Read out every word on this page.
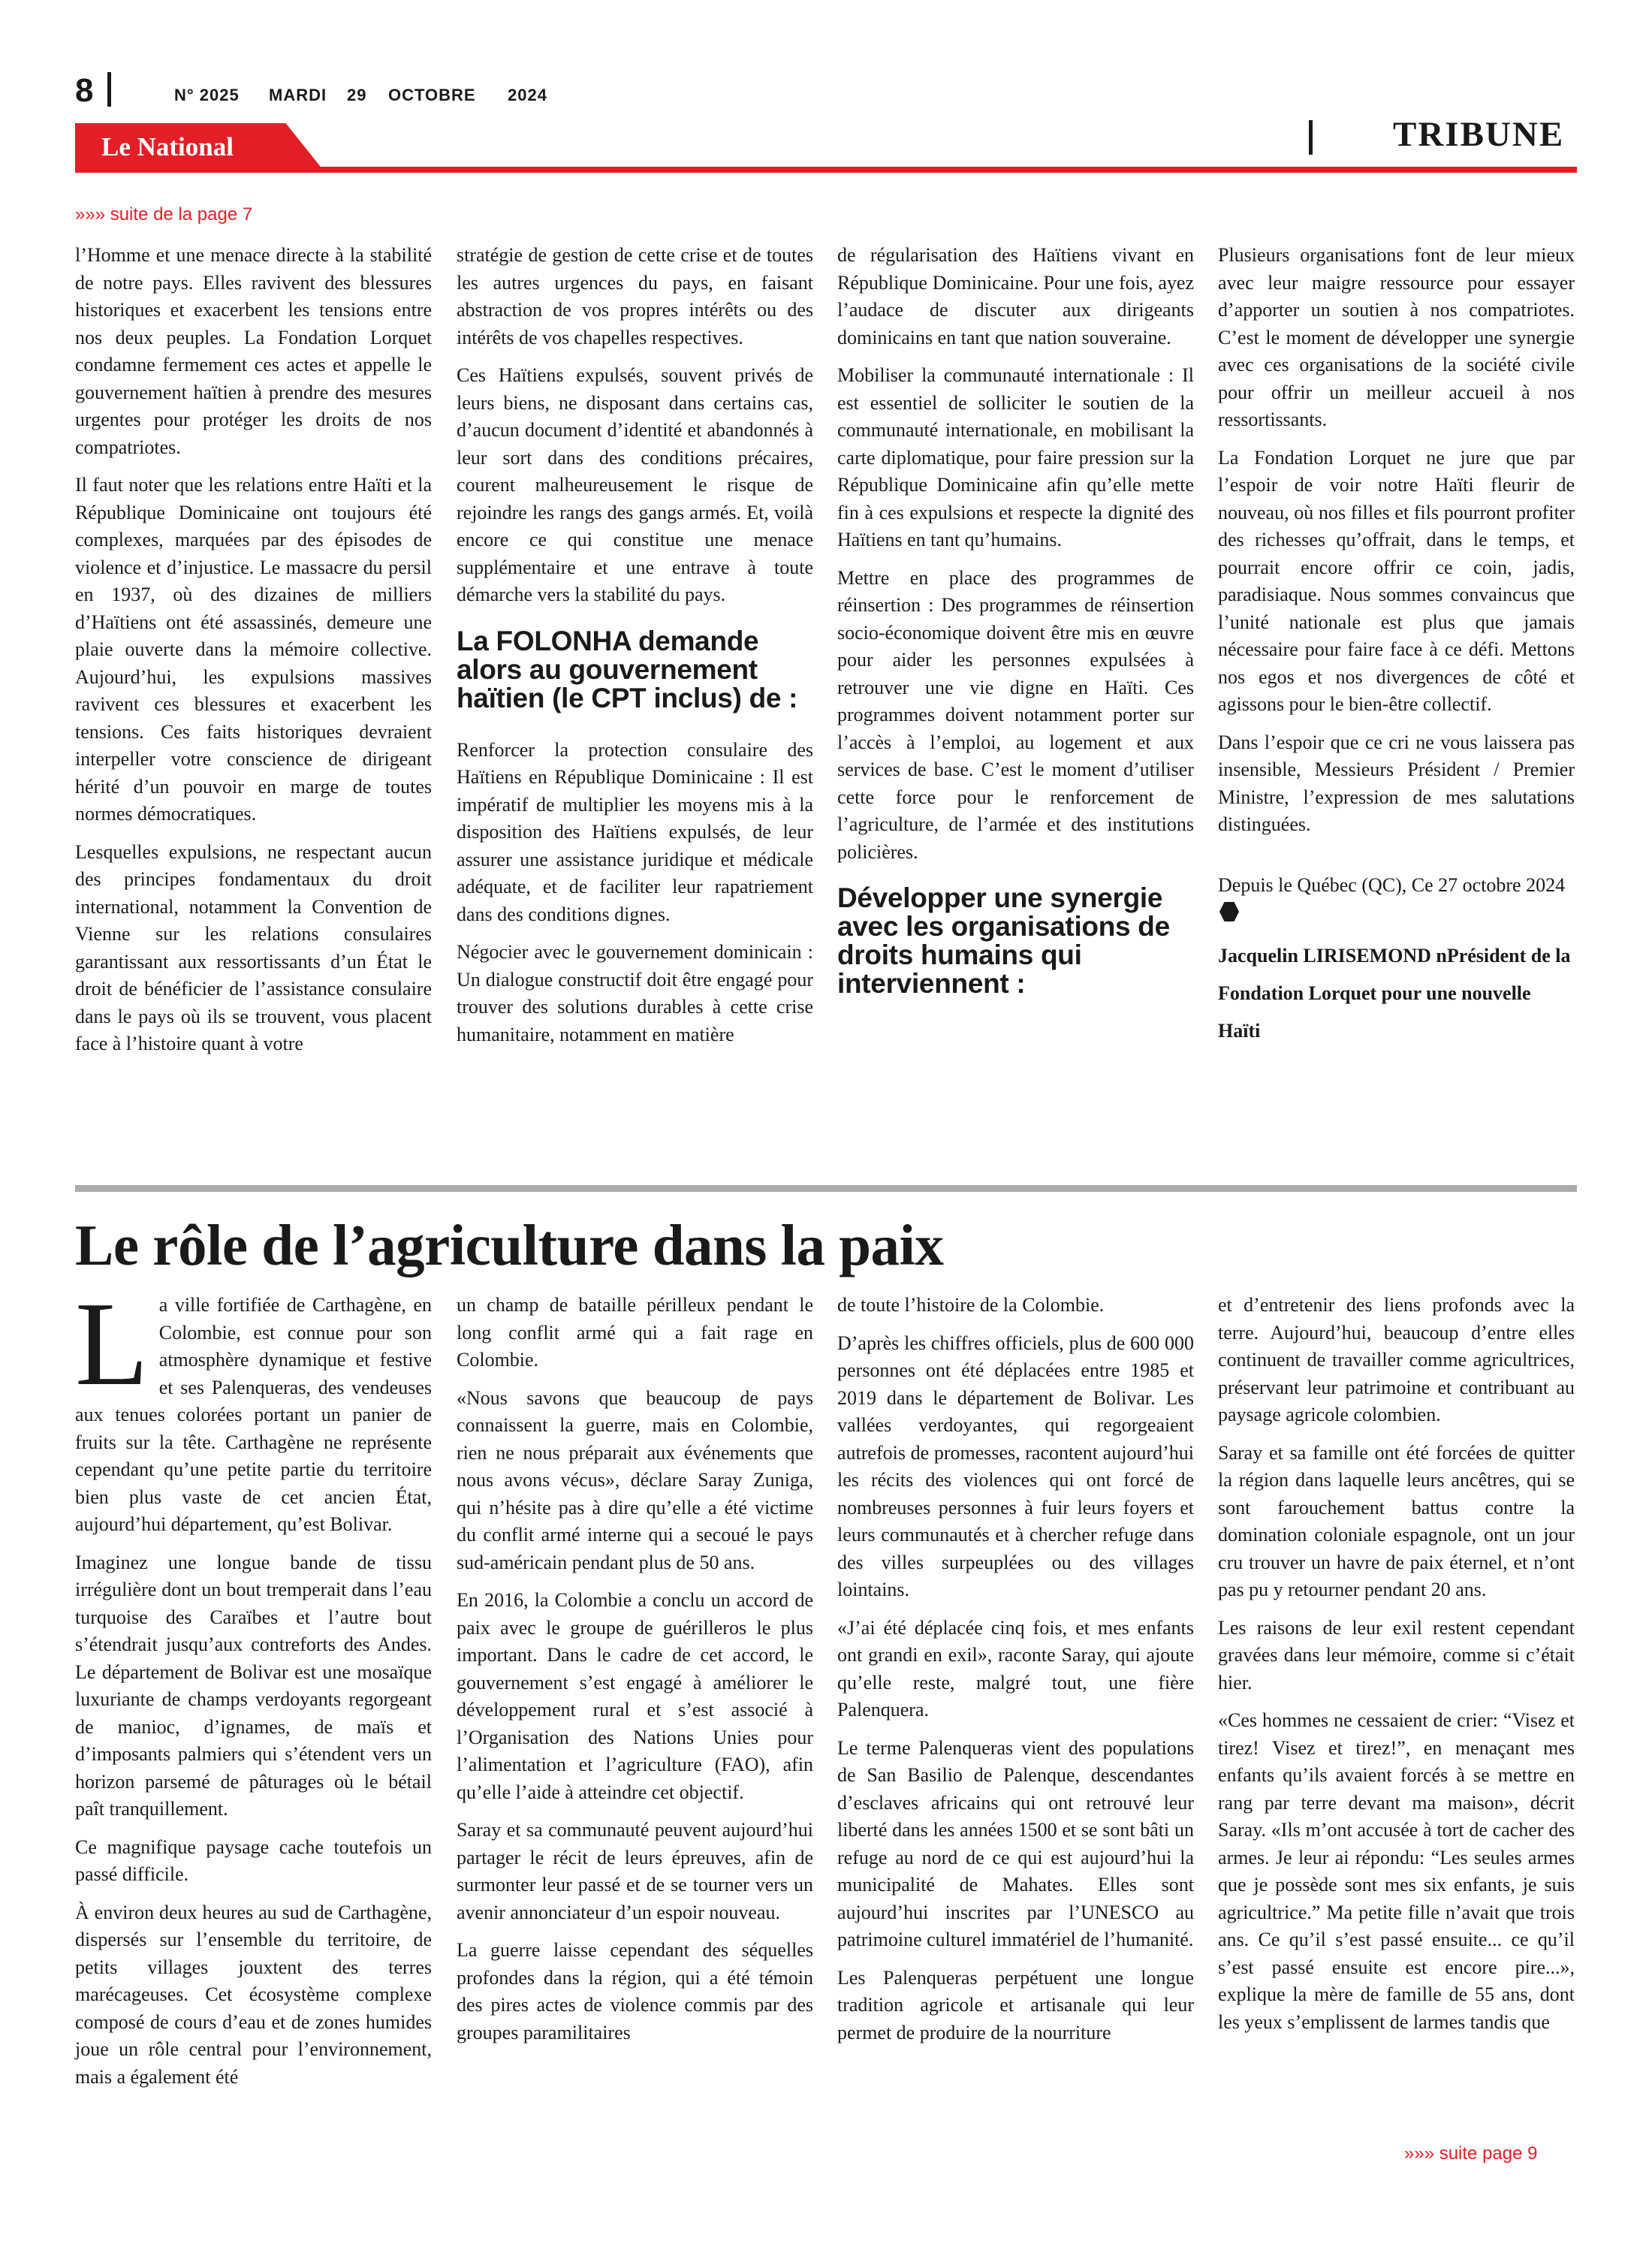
8	N° 2025 MARDI 29 OCTOBRE 2024
Le National	TRIBUNE
»»» suite de la page 7

l’Homme et une menace directe à la stabilité de notre pays. Elles ravivent des blessures historiques et exacerbent les tensions entre nos deux peuples. La Fondation Lorquet condamne fermement ces actes et appelle le gouvernement haïtien à prendre des mesures urgentes pour protéger les droits de nos compatriotes.

Il faut noter que les relations entre Haïti et la République Dominicaine ont toujours été complexes, marquées par des épisodes de violence et d’injustice. Le massacre du persil en 1937, où des dizaines de milliers d’Haïtiens ont été assassinés, demeure une plaie ouverte dans la mémoire collective. Aujourd’hui, les expulsions massives ravivent ces blessures et exacerbent les tensions. Ces faits historiques devraient interpeller votre conscience de dirigeant hérité d’un pouvoir en marge de toutes normes démocratiques.

Lesquelles expulsions, ne respectant aucun des principes fondamentaux du droit international, notamment la Convention de Vienne sur les relations consulaires garantissant aux ressortissants d’un État le droit de bénéficier de l’assistance consulaire dans le pays où ils se trouvent, vous placent face à l’histoire quant à votre

stratégie de gestion de cette crise et de toutes les autres urgences du pays, en faisant abstraction de vos propres intérêts ou des intérêts de vos chapelles respectives.

Ces Haïtiens expulsés, souvent privés de leurs biens, ne disposant dans certains cas, d’aucun document d’identité et abandonnés à leur sort dans des conditions précaires, courent malheureusement le risque de rejoindre les rangs des gangs armés. Et, voilà encore ce qui constitue une menace supplémentaire et une entrave à toute démarche vers la stabilité du pays.

La FOLONHA demande alors au gouvernement haïtien (le CPT inclus) de :

Renforcer la protection consulaire des Haïtiens en République Dominicaine : Il est impératif de multiplier les moyens mis à la disposition des Haïtiens expulsés, de leur assurer une assistance juridique et médicale adéquate, et de faciliter leur rapatriement dans des conditions dignes.

Négocier avec le gouvernement dominicain : Un dialogue constructif doit être engagé pour trouver des solutions durables à cette crise humanitaire, notamment en matière

de régularisation des Haïtiens vivant en République Dominicaine. Pour une fois, ayez l’audace de discuter aux dirigeants dominicains en tant que nation souveraine.

Mobiliser la communauté internationale : Il est essentiel de solliciter le soutien de la communauté internationale, en mobilisant la carte diplomatique, pour faire pression sur la République Dominicaine afin qu’elle mette fin à ces expulsions et respecte la dignité des Haïtiens en tant qu’humains.

Mettre en place des programmes de réinsertion : Des programmes de réinsertion socio-économique doivent être mis en œuvre pour aider les personnes expulsées à retrouver une vie digne en Haïti. Ces programmes doivent notamment porter sur l’accès à l’emploi, au logement et aux services de base. C’est le moment d’utiliser cette force pour le renforcement de l’agriculture, de l’armée et des institutions policières.

Développer une synergie avec les organisations de droits humains qui interviennent :

Plusieurs organisations font de leur mieux avec leur maigre ressource pour essayer d’apporter un soutien à nos compatriotes. C’est le moment de développer une synergie avec ces organisations de la société civile pour offrir un meilleur accueil à nos ressortissants.

La Fondation Lorquet ne jure que par l’espoir de voir notre Haïti fleurir de nouveau, où nos filles et fils pourront profiter des richesses qu’offrait, dans le temps, et pourrait encore offrir ce coin, jadis, paradisiaque. Nous sommes convaincus que l’unité nationale est plus que jamais nécessaire pour faire face à ce défi. Mettons nos egos et nos divergences de côté et agissons pour le bien-être collectif.

Dans l’espoir que ce cri ne vous laissera pas insensible, Messieurs Président / Premier Ministre, l’expression de mes salutations distinguées.

Depuis le Québec (QC), Ce 27 octobre 2024

Jacquelin LIRISEMOND nPrésident de la Fondation Lorquet pour une nouvelle Haïti

Le rôle de l’agriculture dans la paix

La ville fortifiée de Carthagène, en Colombie, est connue pour son atmosphère dynamique et festive et ses Palenqueras, des vendeuses aux tenues colorées portant un panier de fruits sur la tête. Carthagène ne représente cependant qu’une petite partie du territoire bien plus vaste de cet ancien État, aujourd’hui département, qu’est Bolivar.

Imaginez une longue bande de tissu irrégulière dont un bout tremperait dans l’eau turquoise des Caraïbes et l’autre bout s’étendrait jusqu’aux contreforts des Andes. Le département de Bolivar est une mosaïque luxuriante de champs verdoyants regorgeant de manioc, d’ignames, de maïs et d’imposants palmiers qui s’étendent vers un horizon parsemé de pâturages où le bétail paît tranquillement.

Ce magnifique paysage cache toutefois un passé difficile.

À environ deux heures au sud de Carthagène, dispersés sur l’ensemble du territoire, de petits villages jouxtent des terres marécageuses. Cet écosystème complexe composé de cours d’eau et de zones humides joue un rôle central pour l’environnement, mais a également été

un champ de bataille périlleux pendant le long conflit armé qui a fait rage en Colombie.

«Nous savons que beaucoup de pays connaissent la guerre, mais en Colombie, rien ne nous préparait aux événements que nous avons vécus», déclare Saray Zuniga, qui n’hésite pas à dire qu’elle a été victime du conflit armé interne qui a secoué le pays sud-américain pendant plus de 50 ans.

En 2016, la Colombie a conclu un accord de paix avec le groupe de guérilleros le plus important. Dans le cadre de cet accord, le gouvernement s’est engagé à améliorer le développement rural et s’est associé à l’Organisation des Nations Unies pour l’alimentation et l’agriculture (FAO), afin qu’elle l’aide à atteindre cet objectif.

Saray et sa communauté peuvent aujourd’hui partager le récit de leurs épreuves, afin de surmonter leur passé et de se tourner vers un avenir annonciateur d’un espoir nouveau.

La guerre laisse cependant des séquelles profondes dans la région, qui a été témoin des pires actes de violence commis par des groupes paramilitaires

de toute l’histoire de la Colombie.

D’après les chiffres officiels, plus de 600 000 personnes ont été déplacées entre 1985 et 2019 dans le département de Bolivar. Les vallées verdoyantes, qui regorgeaient autrefois de promesses, racontent aujourd’hui les récits des violences qui ont forcé de nombreuses personnes à fuir leurs foyers et leurs communautés et à chercher refuge dans des villes surpeuplées ou des villages lointains.

«J’ai été déplacée cinq fois, et mes enfants ont grandi en exil», raconte Saray, qui ajoute qu’elle reste, malgré tout, une fière Palenquera.

Le terme Palenqueras vient des populations de San Basilio de Palenque, descendantes d’esclaves africains qui ont retrouvé leur liberté dans les années 1500 et se sont bâti un refuge au nord de ce qui est aujourd’hui la municipalité de Mahates. Elles sont aujourd’hui inscrites par l’UNESCO au patrimoine culturel immatériel de l’humanité.

Les Palenqueras perpétuent une longue tradition agricole et artisanale qui leur permet de produire de la nourriture

et d’entretenir des liens profonds avec la terre. Aujourd’hui, beaucoup d’entre elles continuent de travailler comme agricultrices, préservant leur patrimoine et contribuant au paysage agricole colombien.

Saray et sa famille ont été forcées de quitter la région dans laquelle leurs ancêtres, qui se sont farouchement battus contre la domination coloniale espagnole, ont un jour cru trouver un havre de paix éternel, et n’ont pas pu y retourner pendant 20 ans.

Les raisons de leur exil restent cependant gravées dans leur mémoire, comme si c’était hier.

«Ces hommes ne cessaient de crier: “Visez et tirez! Visez et tirez!”, en menaçant mes enfants qu’ils avaient forcés à se mettre en rang par terre devant ma maison», décrit Saray. «Ils m’ont accusée à tort de cacher des armes. Je leur ai répondu: “Les seules armes que je possède sont mes six enfants, je suis agricultrice.” Ma petite fille n’avait que trois ans. Ce qu’il s’est passé ensuite... ce qu’il s’est passé ensuite est encore pire...», explique la mère de famille de 55 ans, dont les yeux s’emplissent de larmes tandis que

»»» suite page 9
